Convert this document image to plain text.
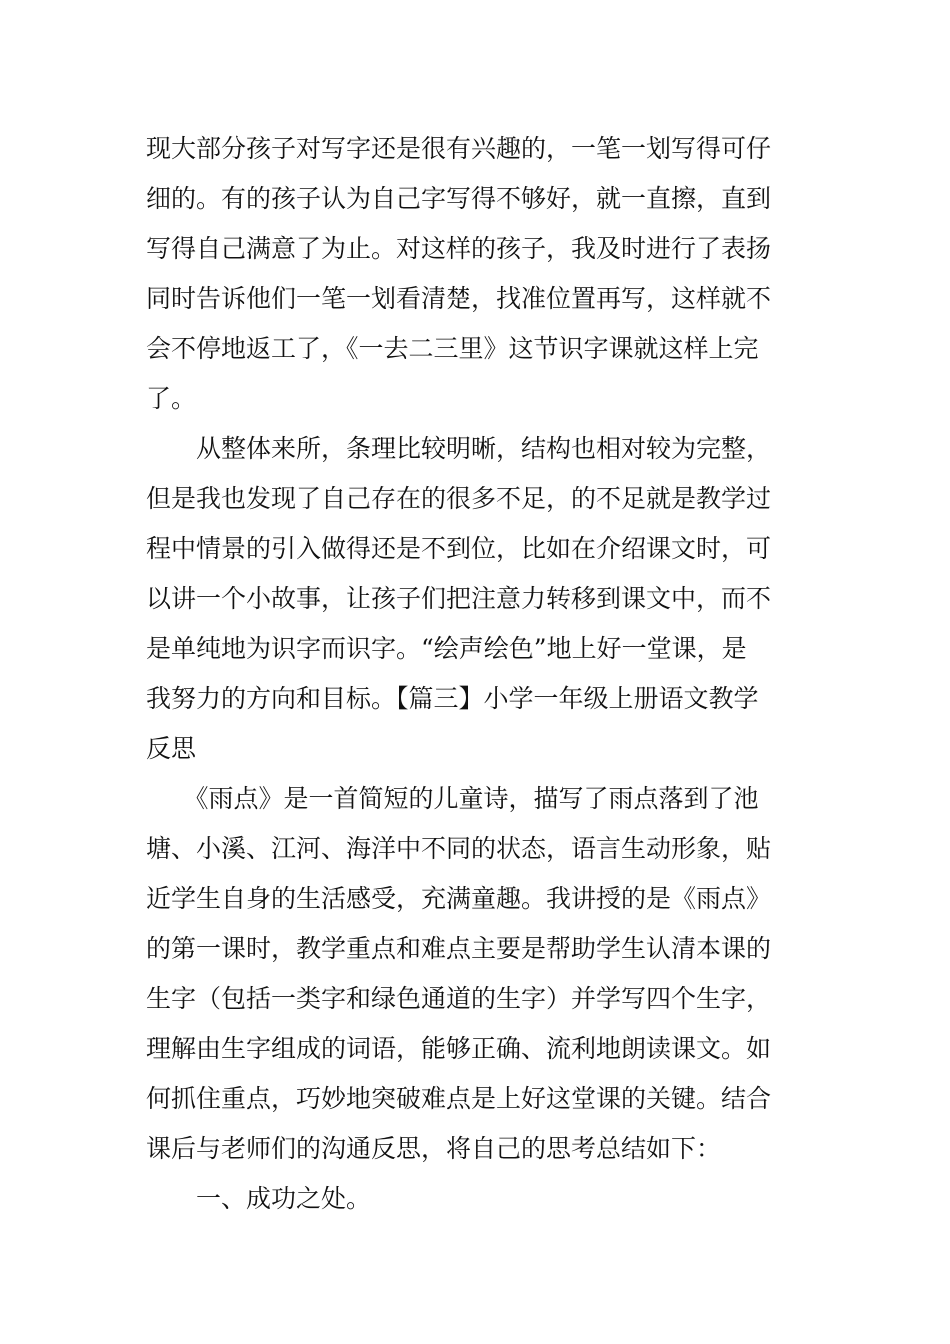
现大部分孩子对写字还是很有兴趣的，一笔一划写得可仔
细的。有的孩子认为自己字写得不够好，就一直擦，直到
写得自己满意了为止。对这样的孩子，我及时进行了表扬
同时告诉他们一笔一划看清楚，找准位置再写，这样就不
会不停地返工了，《一去二三里》这节识字课就这样上完
了。
　　从整体来所，条理比较明晰，结构也相对较为完整，
但是我也发现了自己存在的很多不足，的不足就是教学过
程中情景的引入做得还是不到位，比如在介绍课文时，可
以讲一个小故事，让孩子们把注意力转移到课文中，而不
是单纯地为识字而识字。“绘声绘色”地上好一堂课，是
我努力的方向和目标。【篇三】小学一年级上册语文教学
反思
　　《雨点》是一首简短的儿童诗，描写了雨点落到了池
塘、小溪、江河、海洋中不同的状态，语言生动形象，贴
近学生自身的生活感受，充满童趣。我讲授的是《雨点》
的第一课时，教学重点和难点主要是帮助学生认清本课的
生字（包括一类字和绿色通道的生字）并学写四个生字，
理解由生字组成的词语，能够正确、流利地朗读课文。如
何抓住重点，巧妙地突破难点是上好这堂课的关键。结合
课后与老师们的沟通反思，将自己的思考总结如下：
　　一、成功之处。
